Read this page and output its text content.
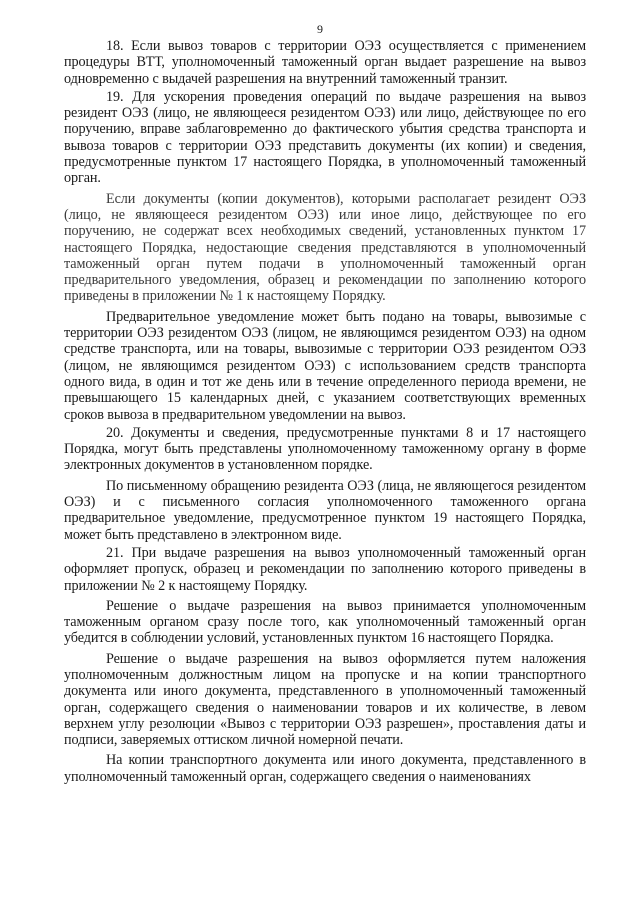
9

18. Если вывоз товаров с территории ОЭЗ осуществляется с применением процедуры ВТТ, уполномоченный таможенный орган выдает разрешение на вывоз одновременно с выдачей разрешения на внутренний таможенный транзит.

19. Для ускорения проведения операций по выдаче разрешения на вывоз резидент ОЭЗ (лицо, не являющееся резидентом ОЭЗ) или лицо, действующее по его поручению, вправе заблаговременно до фактического убытия средства транспорта и вывоза товаров с территории ОЭЗ представить документы (их копии) и сведения, предусмотренные пунктом 17 настоящего Порядка, в уполномоченный таможенный орган.

Если документы (копии документов), которыми располагает резидент ОЭЗ (лицо, не являющееся резидентом ОЭЗ) или иное лицо, действующее по его поручению, не содержат всех необходимых сведений, установленных пунктом 17 настоящего Порядка, недостающие сведения представляются в уполномоченный таможенный орган путем подачи в уполномоченный таможенный орган предварительного уведомления, образец и рекомендации по заполнению которого приведены в приложении № 1 к настоящему Порядку.

Предварительное уведомление может быть подано на товары, вывозимые с территории ОЭЗ резидентом ОЭЗ (лицом, не являющимся резидентом ОЭЗ) на одном средстве транспорта, или на товары, вывозимые с территории ОЭЗ резидентом ОЭЗ (лицом, не являющимся резидентом ОЭЗ) с использованием средств транспорта одного вида, в один и тот же день или в течение определенного периода времени, не превышающего 15 календарных дней, с указанием соответствующих временных сроков вывоза в предварительном уведомлении на вывоз.

20. Документы и сведения, предусмотренные пунктами 8 и 17 настоящего Порядка, могут быть представлены уполномоченному таможенному органу в форме электронных документов в установленном порядке.

По письменному обращению резидента ОЭЗ (лица, не являющегося резидентом ОЭЗ) и с письменного согласия уполномоченного таможенного органа предварительное уведомление, предусмотренное пунктом 19 настоящего Порядка, может быть представлено в электронном виде.

21. При выдаче разрешения на вывоз уполномоченный таможенный орган оформляет пропуск, образец и рекомендации по заполнению которого приведены в приложении № 2 к настоящему Порядку.

Решение о выдаче разрешения на вывоз принимается уполномоченным таможенным органом сразу после того, как уполномоченный таможенный орган убедится в соблюдении условий, установленных пунктом 16 настоящего Порядка.

Решение о выдаче разрешения на вывоз оформляется путем наложения уполномоченным должностным лицом на пропуске и на копии транспортного документа или иного документа, представленного в уполномоченный таможенный орган, содержащего сведения о наименовании товаров и их количестве, в левом верхнем углу резолюции «Вывоз с территории ОЭЗ разрешен», проставления даты и подписи, заверяемых оттиском личной номерной печати.

На копии транспортного документа или иного документа, представленного в уполномоченный таможенный орган, содержащего сведения о наименованиях
